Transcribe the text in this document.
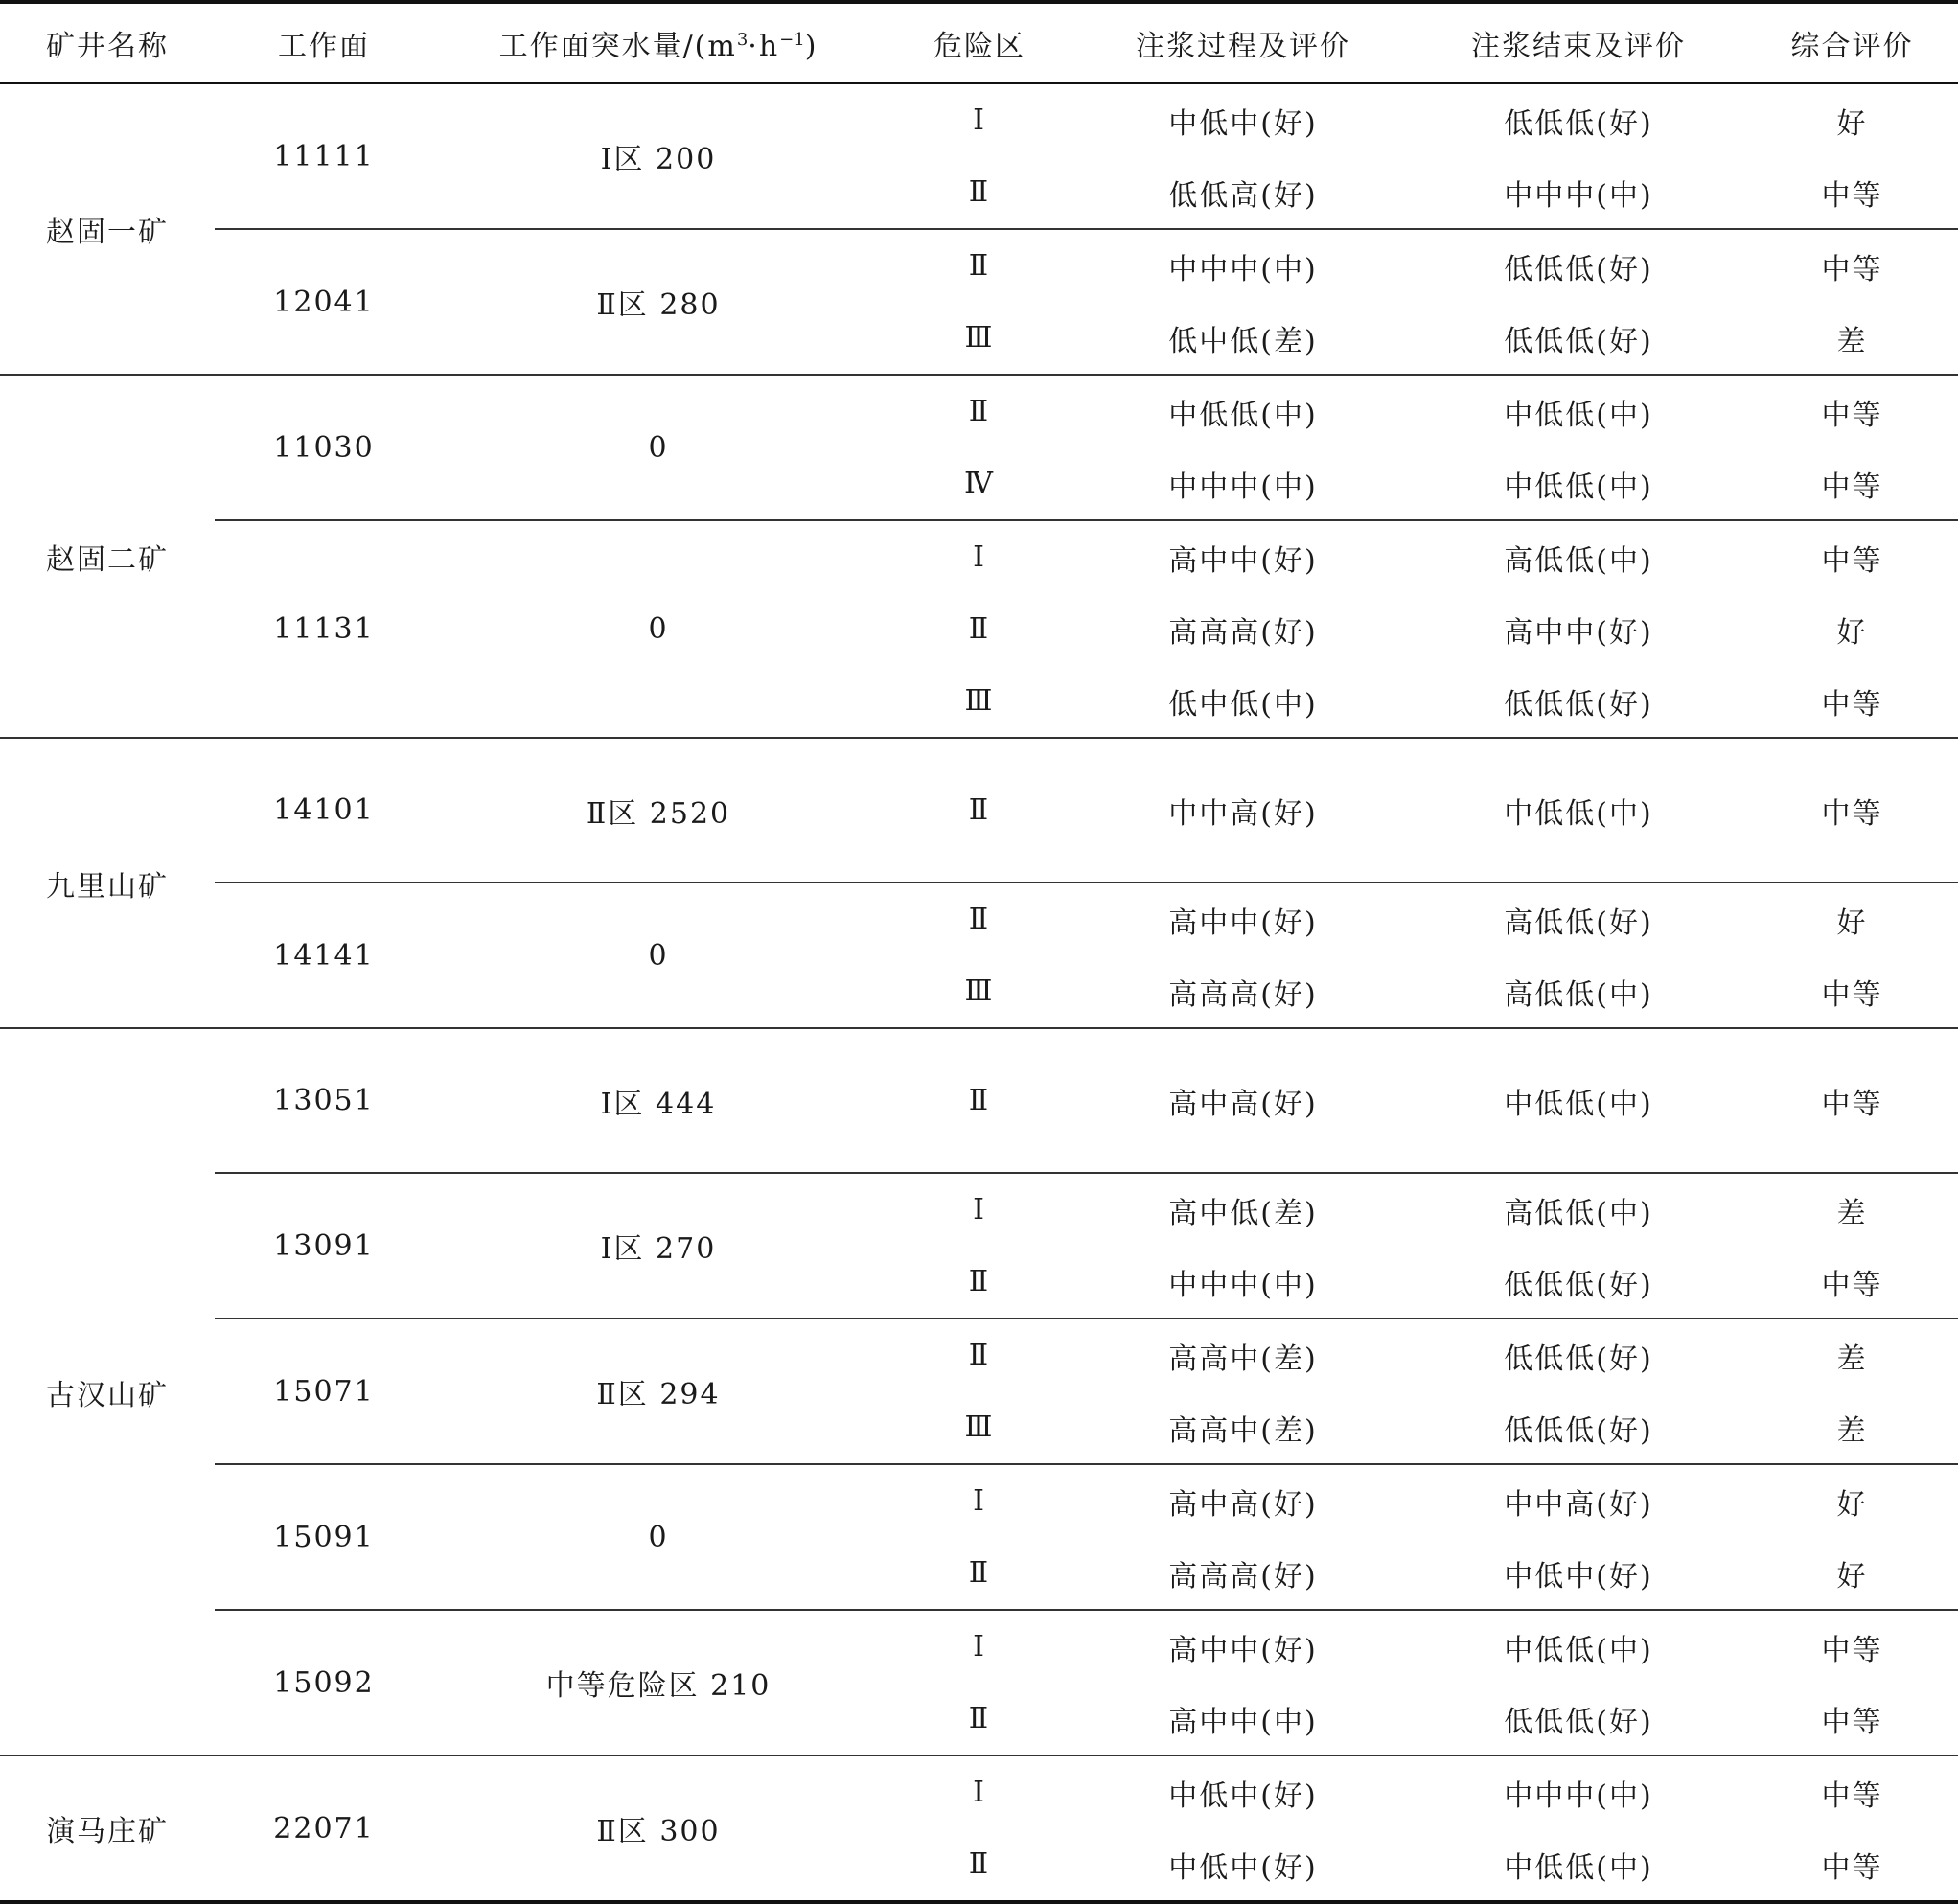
矿井名称	工作面	工作面突水量$/(m^3\cdot h^{-1})$	危险区	注浆过程及评价	注浆结束及评价	综合评价
赵固一矿	11111	Ⅰ区 200	Ⅰ	中低中(好)	低低低(好)	好
			Ⅱ	低低高(好)	中中中(中)	中等
	12041	Ⅱ区 280	Ⅱ	中中中(中)	低低低(好)	中等
			Ⅲ	低中低(差)	低低低(好)	差
赵固二矿	11030	0	Ⅱ	中低低(中)	中低低(中)	中等
			Ⅳ	中中中(中)	中低低(中)	中等
	11131	0	Ⅰ	高中中(好)	高低低(中)	中等
			Ⅱ	高高高(好)	高中中(好)	好
			Ⅲ	低中低(中)	低低低(好)	中等
九里山矿	14101	Ⅱ区 2520	Ⅱ	中中高(好)	中低低(中)	中等
	14141	0	Ⅱ	高中中(好)	高低低(好)	好
			Ⅲ	高高高(好)	高低低(中)	中等
古汉山矿	13051	Ⅰ区 444	Ⅱ	高中高(好)	中低低(中)	中等
	13091	Ⅰ区 270	Ⅰ	高中低(差)	高低低(中)	差
			Ⅱ	中中中(中)	低低低(好)	中等
	15071	Ⅱ区 294	Ⅱ	高高中(差)	低低低(好)	差
			Ⅲ	高高中(差)	低低低(好)	差
	15091	0	Ⅰ	高中高(好)	中中高(好)	好
			Ⅱ	高高高(好)	中低中(好)	好
	15092	中等危险区 210	Ⅰ	高中中(好)	中低低(中)	中等
			Ⅱ	高中中(中)	低低低(好)	中等
演马庄矿	22071	Ⅱ区 300	Ⅰ	中低中(好)	中中中(中)	中等
			Ⅱ	中低中(好)	中低低(中)	中等
